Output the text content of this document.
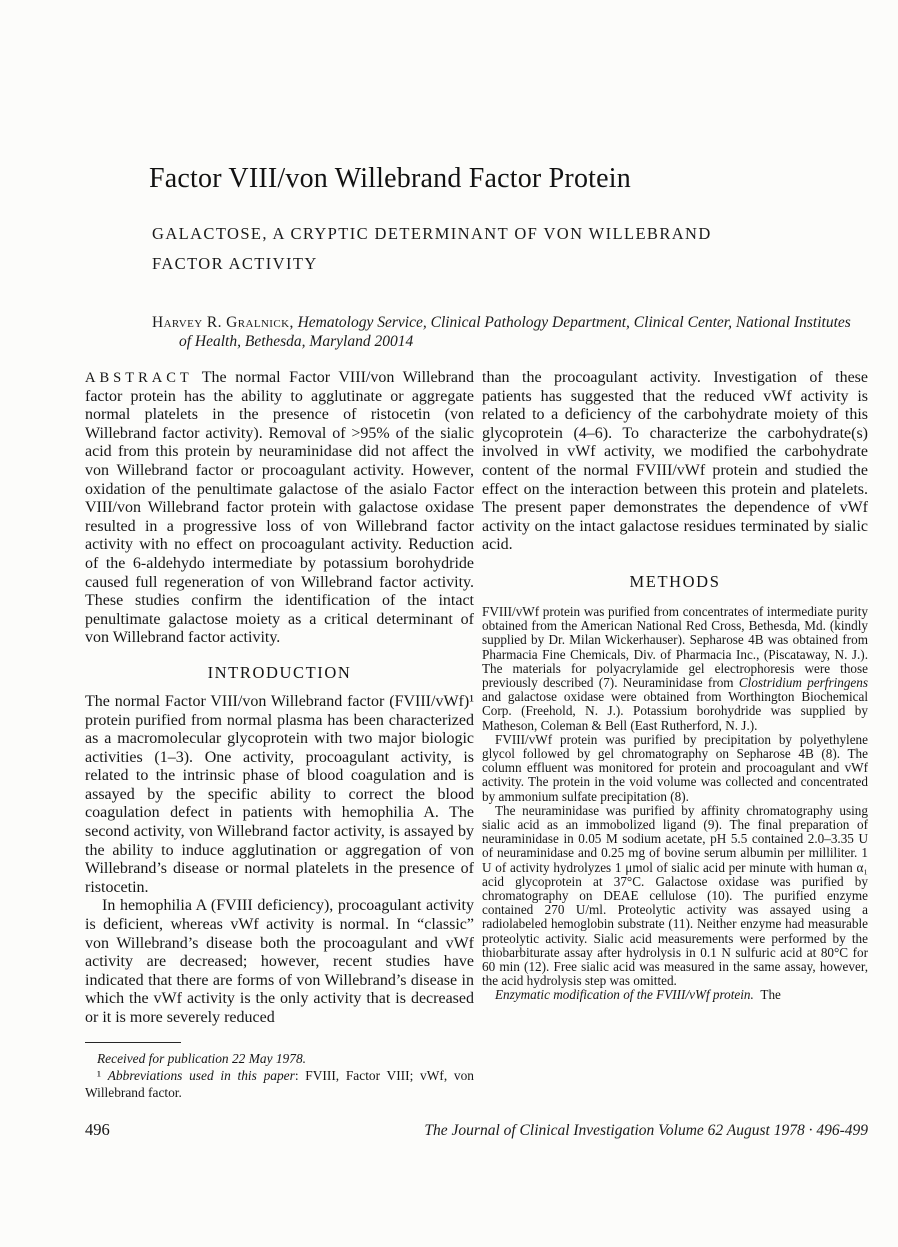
Factor VIII/von Willebrand Factor Protein
GALACTOSE, A CRYPTIC DETERMINANT OF VON WILLEBRAND
FACTOR ACTIVITY

Harvey R. Gralnick, Hematology Service, Clinical Pathology Department, Clinical Center, National Institutes of Health, Bethesda, Maryland 20014

ABSTRACT The normal Factor VIII/von Willebrand factor protein has the ability to agglutinate or aggregate normal platelets in the presence of ristocetin (von Willebrand factor activity). Removal of >95% of the sialic acid from this protein by neuraminidase did not affect the von Willebrand factor or procoagulant activity. However, oxidation of the penultimate galactose of the asialo Factor VIII/von Willebrand factor protein with galactose oxidase resulted in a progressive loss of von Willebrand factor activity with no effect on procoagulant activity. Reduction of the 6-aldehydo intermediate by potassium borohydride caused full regeneration of von Willebrand factor activity. These studies confirm the identification of the intact penultimate galactose moiety as a critical determinant of von Willebrand factor activity.

INTRODUCTION

The normal Factor VIII/von Willebrand factor (FVIII/vWf)¹ protein purified from normal plasma has been characterized as a macromolecular glycoprotein with two major biologic activities (1–3). One activity, procoagulant activity, is related to the intrinsic phase of blood coagulation and is assayed by the specific ability to correct the blood coagulation defect in patients with hemophilia A. The second activity, von Willebrand factor activity, is assayed by the ability to induce agglutination or aggregation of von Willebrand’s disease or normal platelets in the presence of ristocetin.

In hemophilia A (FVIII deficiency), procoagulant activity is deficient, whereas vWf activity is normal. In “classic” von Willebrand’s disease both the procoagulant and vWf activity are decreased; however, recent studies have indicated that there are forms of von Willebrand’s disease in which the vWf activity is the only activity that is decreased or it is more severely reduced

Received for publication 22 May 1978.

¹ Abbreviations used in this paper: FVIII, Factor VIII; vWf, von Willebrand factor.

than the procoagulant activity. Investigation of these patients has suggested that the reduced vWf activity is related to a deficiency of the carbohydrate moiety of this glycoprotein (4–6). To characterize the carbohydrate(s) involved in vWf activity, we modified the carbohydrate content of the normal FVIII/vWf protein and studied the effect on the interaction between this protein and platelets. The present paper demonstrates the dependence of vWf activity on the intact galactose residues terminated by sialic acid.

METHODS

FVIII/vWf protein was purified from concentrates of intermediate purity obtained from the American National Red Cross, Bethesda, Md. (kindly supplied by Dr. Milan Wickerhauser). Sepharose 4B was obtained from Pharmacia Fine Chemicals, Div. of Pharmacia Inc., (Piscataway, N. J.). The materials for polyacrylamide gel electrophoresis were those previously described (7). Neuraminidase from Clostridium perfringens and galactose oxidase were obtained from Worthington Biochemical Corp. (Freehold, N. J.). Potassium borohydride was supplied by Matheson, Coleman & Bell (East Rutherford, N. J.).

FVIII/vWf protein was purified by precipitation by polyethylene glycol followed by gel chromatography on Sepharose 4B (8). The column effluent was monitored for protein and procoagulant and vWf activity. The protein in the void volume was collected and concentrated by ammonium sulfate precipitation (8).

The neuraminidase was purified by affinity chromatography using sialic acid as an immobolized ligand (9). The final preparation of neuraminidase in 0.05 M sodium acetate, pH 5.5 contained 2.0–3.35 U of neuraminidase and 0.25 mg of bovine serum albumin per milliliter. 1 U of activity hydrolyzes 1 μmol of sialic acid per minute with human α₁ acid glycoprotein at 37°C. Galactose oxidase was purified by chromatography on DEAE cellulose (10). The purified enzyme contained 270 U/ml. Proteolytic activity was assayed using a radiolabeled hemoglobin substrate (11). Neither enzyme had measurable proteolytic activity. Sialic acid measurements were performed by the thiobarbiturate assay after hydrolysis in 0.1 N sulfuric acid at 80°C for 60 min (12). Free sialic acid was measured in the same assay, however, the acid hydrolysis step was omitted.

Enzymatic modification of the FVIII/vWf protein.  The

496	The Journal of Clinical Investigation Volume 62 August 1978 · 496-499
